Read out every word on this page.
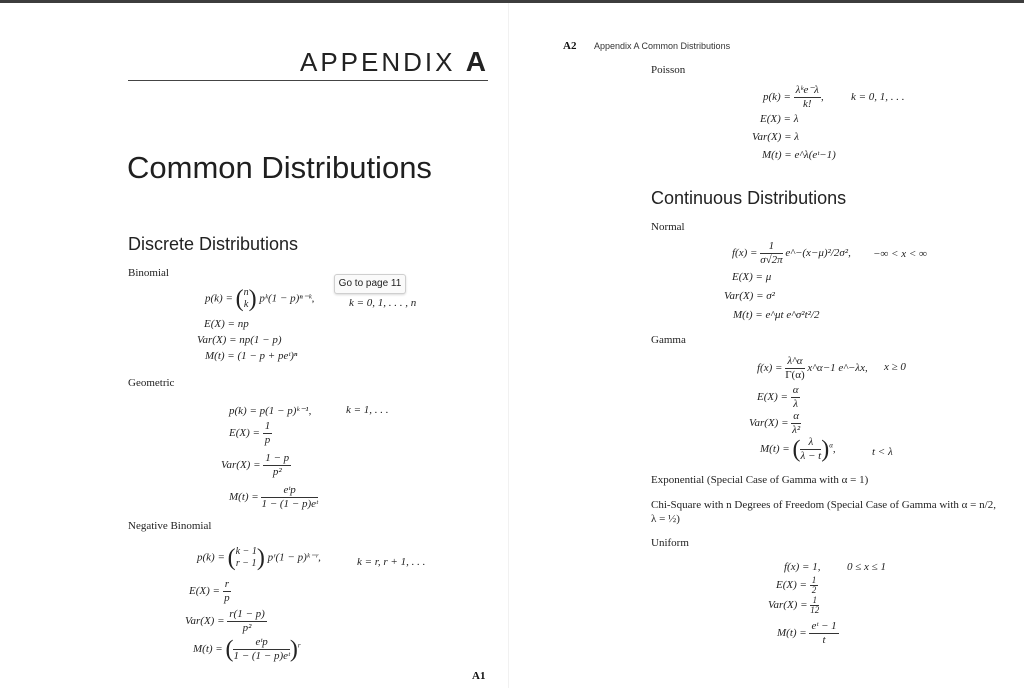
APPENDIX A
Common Distributions
Discrete Distributions
Go to page 11
Binomial
p(k) = ( n
k ) pᵏ(1 − p)ⁿ⁻ᵏ,	k = 0, 1, . . . , n
E(X) = np
Var(X) = np(1 − p)
M(t) = (1 − p + peᵗ)ⁿ
Geometric
p(k) = p(1 − p)ᵏ⁻¹,	k = 1, . . .
$E(X) = \frac{1}{p}$
$Var(X) = \frac{1 - p}{\text{p²}}$
M(t) =
eᵗp
1 − (1 − p)eᵗ
Negative Binomial
p(k) = ( k − 1
r − 1 ) pʳ(1 − p)ᵏ⁻ʳ,	k = r, r + 1, . . .
$E(X) = \frac{r}{p}$
$Var(X) = \frac{r(1 - p)}{\text{p²}}$
M(t) = (	eᵗp
1 − (1 − p)eᵗ )$^r$
A1
A2 Appendix A Common Distributions
Poisson
p(k) =
λᵏe⁻λ
k!
, k = 0, 1, . . .
E(X) = λ
Var(X) = λ
M(t) = e^λ(eᵗ−1)
Continuous Distributions
Normal
$f(x) = \frac{1}{\sigma√2\pi}$ e^−(x−μ)²/2σ², −∞ < x < ∞
E(X) = μ
Var(X) = σ²
M(t) = e^μt e^σ²t²/2
Gamma
$f(x) = \frac{\lambda\^{}\alpha}{\Gamma(\alpha)}$ x^α−1 e^−λx, x ≥ 0
$E(X) = \frac{\alpha}{\lambda}$
$Var(X) = \frac{\alpha}{\text{λ²}}$
M(t) = ( $\frac{\lambda}{\lambda - t} )^\alpha$,	t < λ
Exponential (Special Case of Gamma with α = 1)
Chi-Square with n Degrees of Freedom (Special Case of Gamma with α = n/2,
λ = ½)
Uniform
f(x) = 1, 0 ≤ x ≤ 1
$E(X) = \frac{1}{2}$
$Var(X) = \frac{1}{12}$
$M(t) = \frac{\text{eᵗ − 1}}{t}$
